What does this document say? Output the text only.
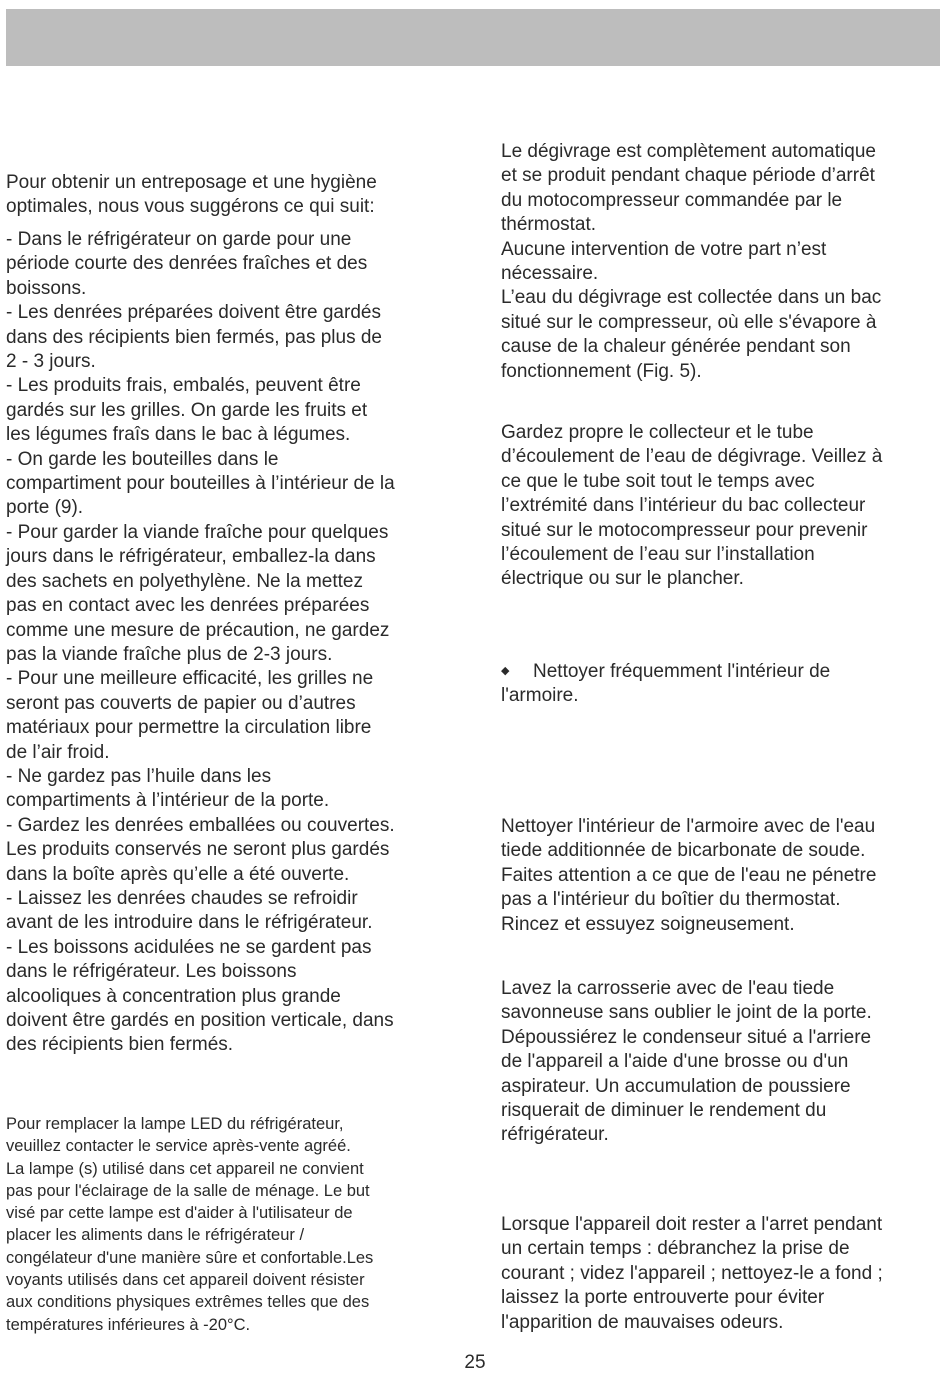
Pour obtenir un entreposage et une hygiène

optimales, nous vous suggérons ce qui suit:

- Dans le réfrigérateur on garde pour une

période courte des denrées fraîches et des

boissons.

- Les denrées préparées doivent être gardés

dans des récipients bien fermés, pas plus de

2 - 3 jours.

- Les produits frais, embalés, peuvent être

gardés sur les grilles. On garde les fruits et

les légumes fraîs dans le bac à légumes.

- On garde les bouteilles dans le

compartiment pour bouteilles à l’intérieur de la

porte (9).

- Pour garder la viande fraîche pour quelques

jours dans le réfrigérateur, emballez-la dans

des sachets en polyethylène. Ne la mettez

pas en contact avec les denrées préparées

comme une mesure de précaution, ne gardez

pas la viande fraîche plus de 2-3 jours.

- Pour une meilleure efficacité, les grilles ne

seront pas couverts de papier ou d’autres

matériaux pour permettre la circulation libre

de l’air froid.

- Ne gardez pas l’huile dans les

compartiments à l’intérieur de la porte.

- Gardez les denrées emballées ou couvertes.

Les produits conservés ne seront plus gardés

dans la boîte après qu’elle a été ouverte.

- Laissez les denrées chaudes se refroidir

avant de les introduire dans le réfrigérateur.

- Les boissons acidulées ne se gardent pas

dans le réfrigérateur. Les boissons

alcooliques à concentration plus grande

doivent être gardés en position verticale, dans

des récipients bien fermés.

Pour remplacer la lampe LED du réfrigérateur,

veuillez contacter le service après-vente agréé.

La lampe (s) utilisé dans cet appareil ne convient

pas pour l'éclairage de la salle de ménage. Le but

visé par cette lampe est d'aider à l'utilisateur de

placer les aliments dans le réfrigérateur /

congélateur d'une manière sûre et confortable.Les

voyants utilisés dans cet appareil doivent résister

aux conditions physiques extrêmes telles que des

températures inférieures à -20°C.

Le dégivrage est complètement automatique

et se produit pendant chaque période d’arrêt

du motocompresseur commandée par le

thérmostat.

Aucune intervention de votre part n’est

nécessaire.

L’eau du dégivrage est collectée dans un bac

situé sur le compresseur, où elle s'évapore à

cause de la chaleur générée pendant son

fonctionnement (Fig. 5).

Gardez propre le collecteur et le tube

d’écoulement de l’eau de dégivrage. Veillez à

ce que le tube soit tout le temps avec

l’extrémité dans l’intérieur du bac collecteur

situé sur le motocompresseur pour prevenir

l’écoulement de l’eau sur l’installation

électrique ou sur le plancher.

◆ Nettoyer fréquemment l'intérieur de

l'armoire.

Nettoyer l'intérieur de l'armoire avec de l'eau

tiede additionnée de bicarbonate de soude.

Faites attention a ce que de l'eau ne pénetre

pas a l'intérieur du boîtier du thermostat.

Rincez et essuyez soigneusement.

Lavez la carrosserie avec de l'eau tiede

savonneuse sans oublier le joint de la porte.

Dépoussiérez le condenseur situé a l'arriere

de l'appareil a l'aide d'une brosse ou d'un

aspirateur. Un accumulation de poussiere

risquerait de diminuer le rendement du

réfrigérateur.

Lorsque l'appareil doit rester a l'arret pendant

un certain temps : débranchez la prise de

courant ; videz l'appareil ; nettoyez-le a fond ;

laissez la porte entrouverte pour éviter

l'apparition de mauvaises odeurs.

25
